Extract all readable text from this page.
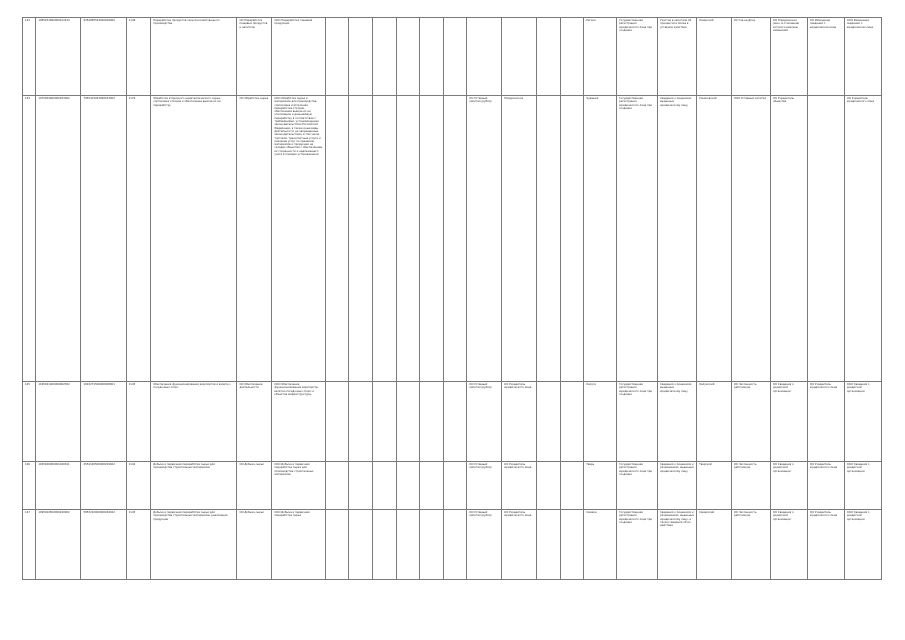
143	1085201890000012434	9354885593000009000	1148	Переработка продуктов сельскохозяйственного производства	ОО Переработка пищевых продуктов и напитков	ООО Переработка пищевой продукции											Регион	Государственная регистрация юридического лица при создании	Участие в капитале 20 процентов и более в уставном капитале	Казанский	Ростов-на-Дону	ОО Юридическое лицо, в отношении которого внесены изменения	ОО Изменение сведений о юридическом лице	ООО Изменение сведений о юридическом лице
144	1075904000000183002	7955415003000033002	1176	Обработка вторичного неметаллического сырья, сортировка отходов и обеспечение вывоза их на переработку	ОО Обработка сырья	ООО Обработка сырья и материалов для производства, сортировка и вторичная переработка отходов, обеспечение вывоза их на утилизацию и дальнейшую переработку в соответствии с требованиями, установленными законодательством Российской Федерации, а также иные виды деятельности, не запрещенные законодательством, в том числе торговля, транспортные услуги и оказание услуг по хранению материалов и продукции на складах общества с обеспечением их сохранности и надлежащего учета в порядке установленном							ОО Уставный капитал (рубли)	Юридическое			Чувашия	Государственная регистрация юридического лица при создании	Сведения о лицензиях, выданных юридическому лицу	Ульяновский	ООО Уставный капитал	ОО Учредитель общества		ОО Учредитель юридического лица
145	1165021400000062302	1022271506000008001	1145	Обеспечение функционирования аэропортов и взлетно-посадочных полос	ОО Обеспечение деятельности	ООО Обеспечение функционирования аэропортов, взлетно-посадочных полос и объектов инфраструктуры							ОО Уставный капитал (рубли)	ОО Учредитель юридического лица			Калуга	Государственная регистрация юридического лица при создании	Сведения о лицензиях, выданных юридическому лицу	Калужский	ОО Численность работников	ОО Сведения о кредитной организации	ОО Учредитель юридического лица	ООО Сведения о кредитной организации
146	1025406000001040011	4554140500000204402	1142	Добыча и первичная переработка сырья для производства строительных материалов	ОО Добыча сырья	ООО Добыча и первичная переработка сырья для производства строительных материалов							ОО Уставный капитал (рубли)	ОО Учредитель юридического лица			Тверь	Государственная регистрация юридического лица при создании	Сведения о лицензиях и разрешениях, выданных юридическому лицу	Тверской	ОО Численность работников	ОО Сведения о кредитной организации	ОО Учредитель юридического лица	ООО Сведения о кредитной организации
147	1095404500000240002	5853210000000044022	1145	Добыча и первичная переработка сырья для производства строительных материалов, реализация продукции	ОО Добыча сырья	ООО Добыча и первичная переработка сырья							ОО Уставный капитал (рубли)	ОО Учредитель юридического лица			Самара	Государственная регистрация юридического лица при создании	Сведения о лицензиях и разрешениях, выданных юридическому лицу, а также сведения об их действии	Самарский	ОО Численность работников	ОО Сведения о кредитной организации	ОО Учредитель юридического лица	ООО Сведения о кредитной организации
